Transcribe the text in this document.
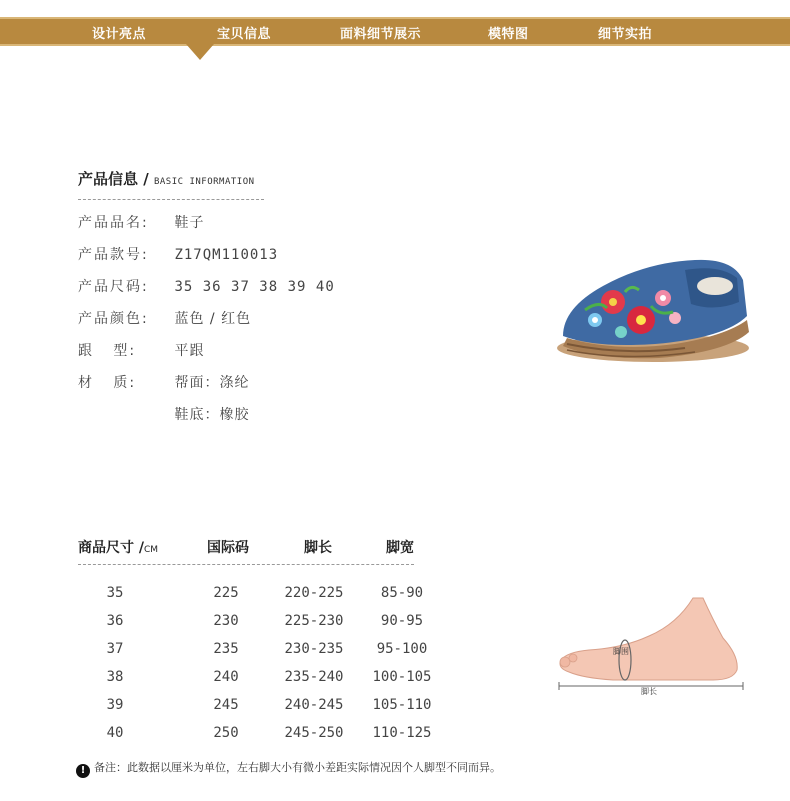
设计亮点	宝贝信息	面料细节展示	模特图	细节实拍
产品信息 / BASIC INFORMATION
产品品名: 鞋子
产品款号: Z17QM110013
产品尺码: 35 36 37 38 39 40
产品颜色: 蓝色 / 红色
跟   型:	平跟
材   质:	帮面：涤纶
鞋底：橡胶
商品尺寸 /CM	国际码	脚长	脚宽
35	225	220-225	85-90
36	230	225-230	90-95
37	235	230-235	95-100
38	240	235-240	100-105
39	245	240-245	105-110
40	250	245-250	110-125
脚围
脚长
! 备注：此数据以厘米为单位，左右脚大小有微小差距实际情况因个人脚型不同而异。
